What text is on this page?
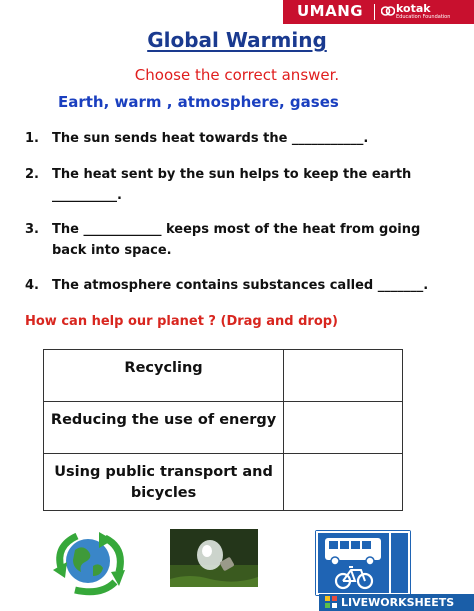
UMANG	kotak
Education Foundation
Global Warming
Choose the correct answer.
Earth, warm , atmosphere, gases
1.	The sun sends heat towards the ___________.
2.	The heat sent by the sun helps to keep the earth __________.
3.	The ____________ keeps most of the heat from going back into space.
4.	The atmosphere contains substances called _______.
How can help our planet ? (Drag and drop)
Recycling	

Reducing the use of energy	

Using public transport and bicycles	

LIVEWORKSHEETS
